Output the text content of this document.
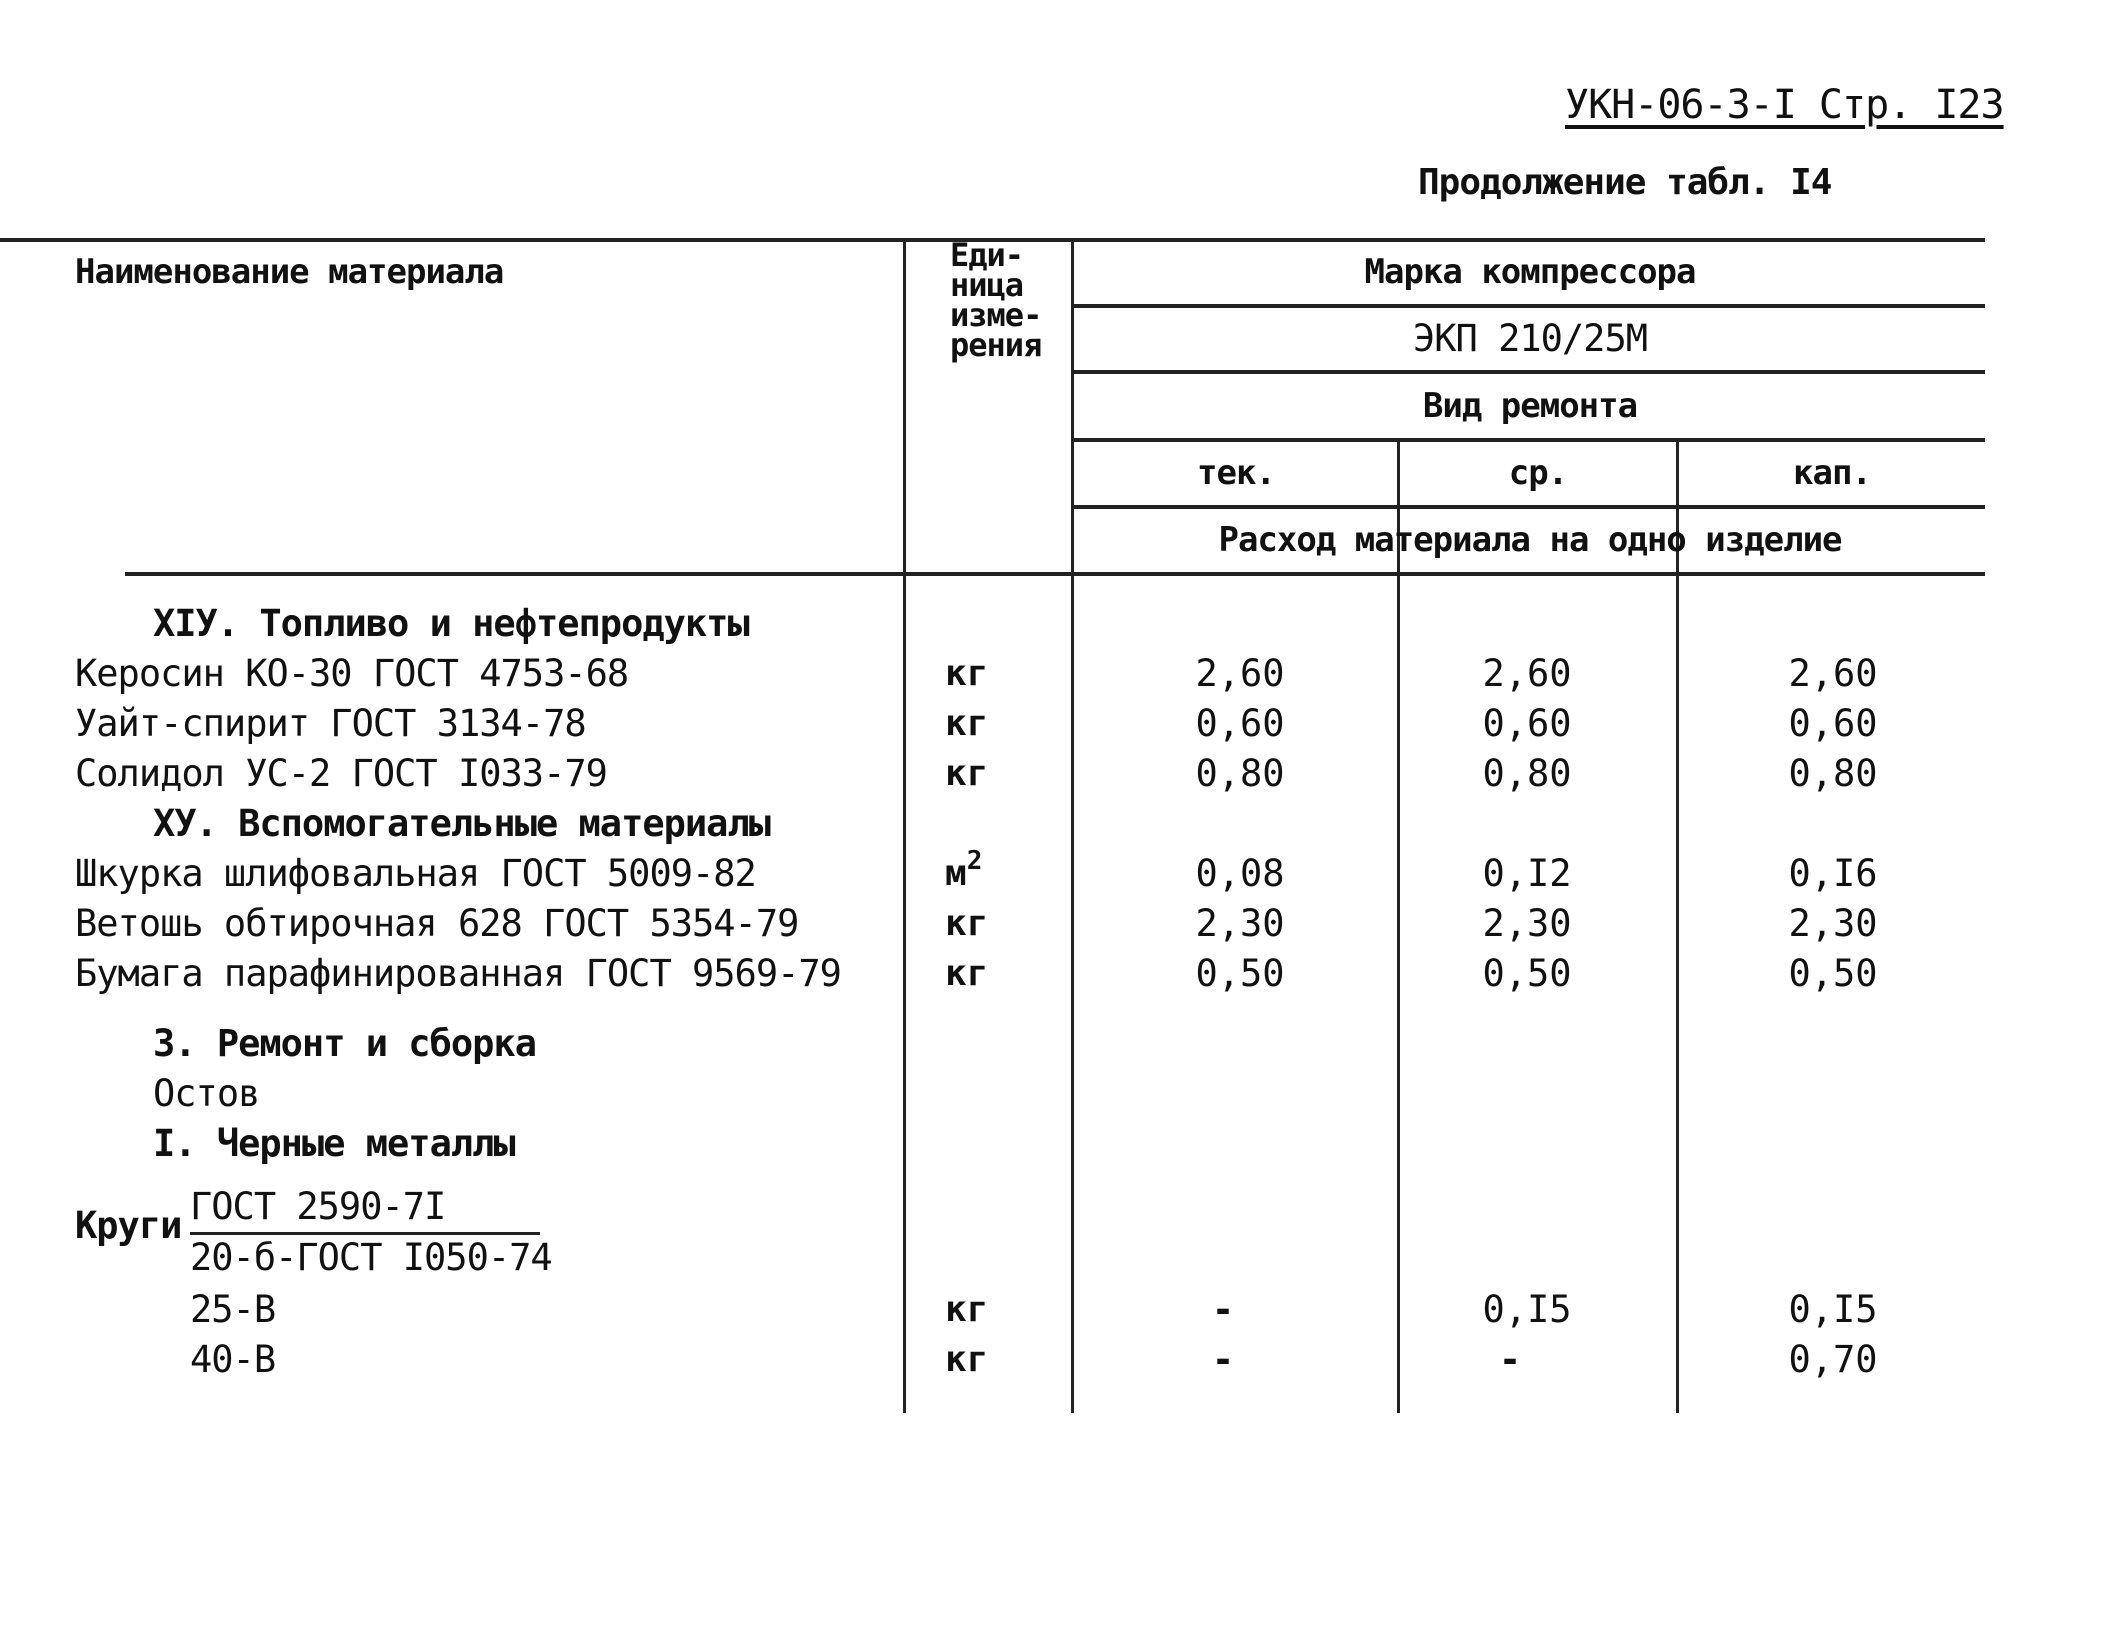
УКН-06-3-I Стр. I23
Продолжение табл. I4
Наименование материала	Еди-
ница
изме-
рения
Марка компрессора
ЭКП 210/25М
Вид ремонта
тек.	ср.	кап.
Расход материала на одно изделие
XIУ. Топливо и нефтепродукты
Керосин КО-30 ГОСТ 4753-68	кг	2,60	2,60	2,60
Уайт-спирит ГОСТ 3134-78	кг	0,60	0,60	0,60
Солидол УС-2 ГОСТ I033-79	кг	0,80	0,80	0,80
XУ. Вспомогательные материалы
Шкурка шлифовальная ГОСТ 5009-82	$м^2$	0,08	0,I2	0,I6
Ветошь обтирочная 628 ГОСТ 5354-79	кг	2,30	2,30	2,30
Бумага парафинированная ГОСТ 9569-79	кг	0,50	0,50	0,50
3. Ремонт и сборка
Остов
I. Черные металлы
Круги ГОСТ 2590-7I
20-б-ГОСТ I050-74
25-В	кг	-	0,I5	0,I5
40-В	кг	-	-	0,70
